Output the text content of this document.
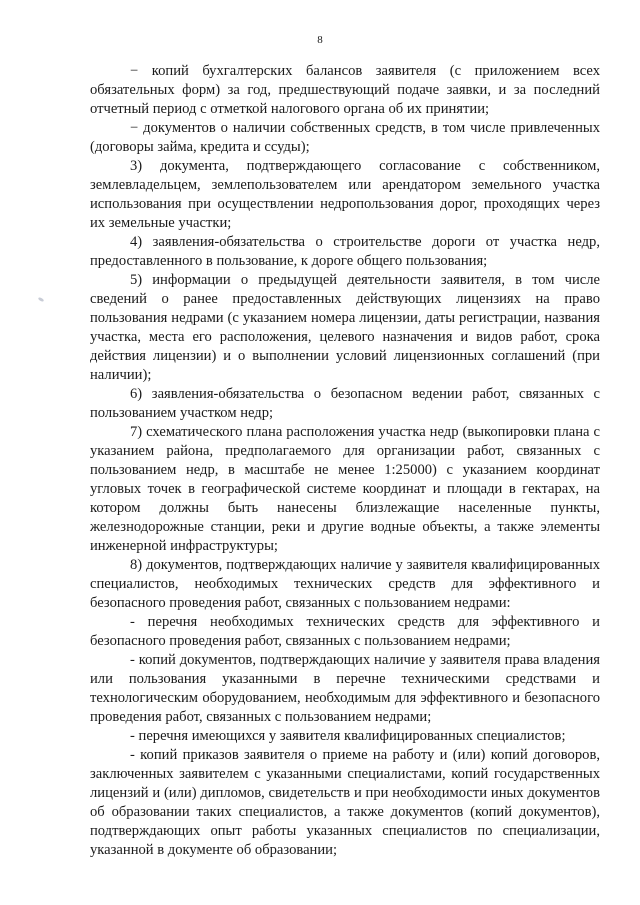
8

− копий бухгалтерских балансов заявителя (с приложением всех обязательных форм) за год, предшествующий подаче заявки, и за последний отчетный период с отметкой налогового органа об их принятии;

− документов о наличии собственных средств, в том числе привлеченных (договоры займа, кредита и ссуды);

3) документа, подтверждающего согласование с собственником, землевладельцем, землепользователем или арендатором земельного участка использования при осуществлении недропользования дорог, проходящих через их земельные участки;

4) заявления-обязательства о строительстве дороги от участка недр, предоставленного в пользование, к дороге общего пользования;

5) информации о предыдущей деятельности заявителя, в том числе сведений о ранее предоставленных действующих лицензиях на право пользования недрами (с указанием номера лицензии, даты регистрации, названия участка, места его расположения, целевого назначения и видов работ, срока действия лицензии) и о выполнении условий лицензионных соглашений (при наличии);

6) заявления-обязательства о безопасном ведении работ, связанных с пользованием участком недр;

7) схематического плана расположения участка недр (выкопировки плана с указанием района, предполагаемого для организации работ, связанных с пользованием недр, в масштабе не менее 1:25000) с указанием координат угловых точек в географической системе координат и площади в гектарах, на котором должны быть нанесены близлежащие населенные пункты, железнодорожные станции, реки и другие водные объекты, а также элементы инженерной инфраструктуры;

8) документов, подтверждающих наличие у заявителя квалифицированных специалистов, необходимых технических средств для эффективного и безопасного проведения работ, связанных с пользованием недрами:

- перечня необходимых технических средств для эффективного и безопасного проведения работ, связанных с пользованием недрами;

- копий документов, подтверждающих наличие у заявителя права владения или пользования указанными в перечне техническими средствами и технологическим оборудованием, необходимым для эффективного и безопасного проведения работ, связанных с пользованием недрами;

- перечня имеющихся у заявителя квалифицированных специалистов;

- копий приказов заявителя о приеме на работу и (или) копий договоров, заключенных заявителем с указанными специалистами, копий государственных лицензий и (или) дипломов, свидетельств и при необходимости иных документов об образовании таких специалистов, а также документов (копий документов), подтверждающих опыт работы указанных специалистов по специализации, указанной в документе об образовании;
